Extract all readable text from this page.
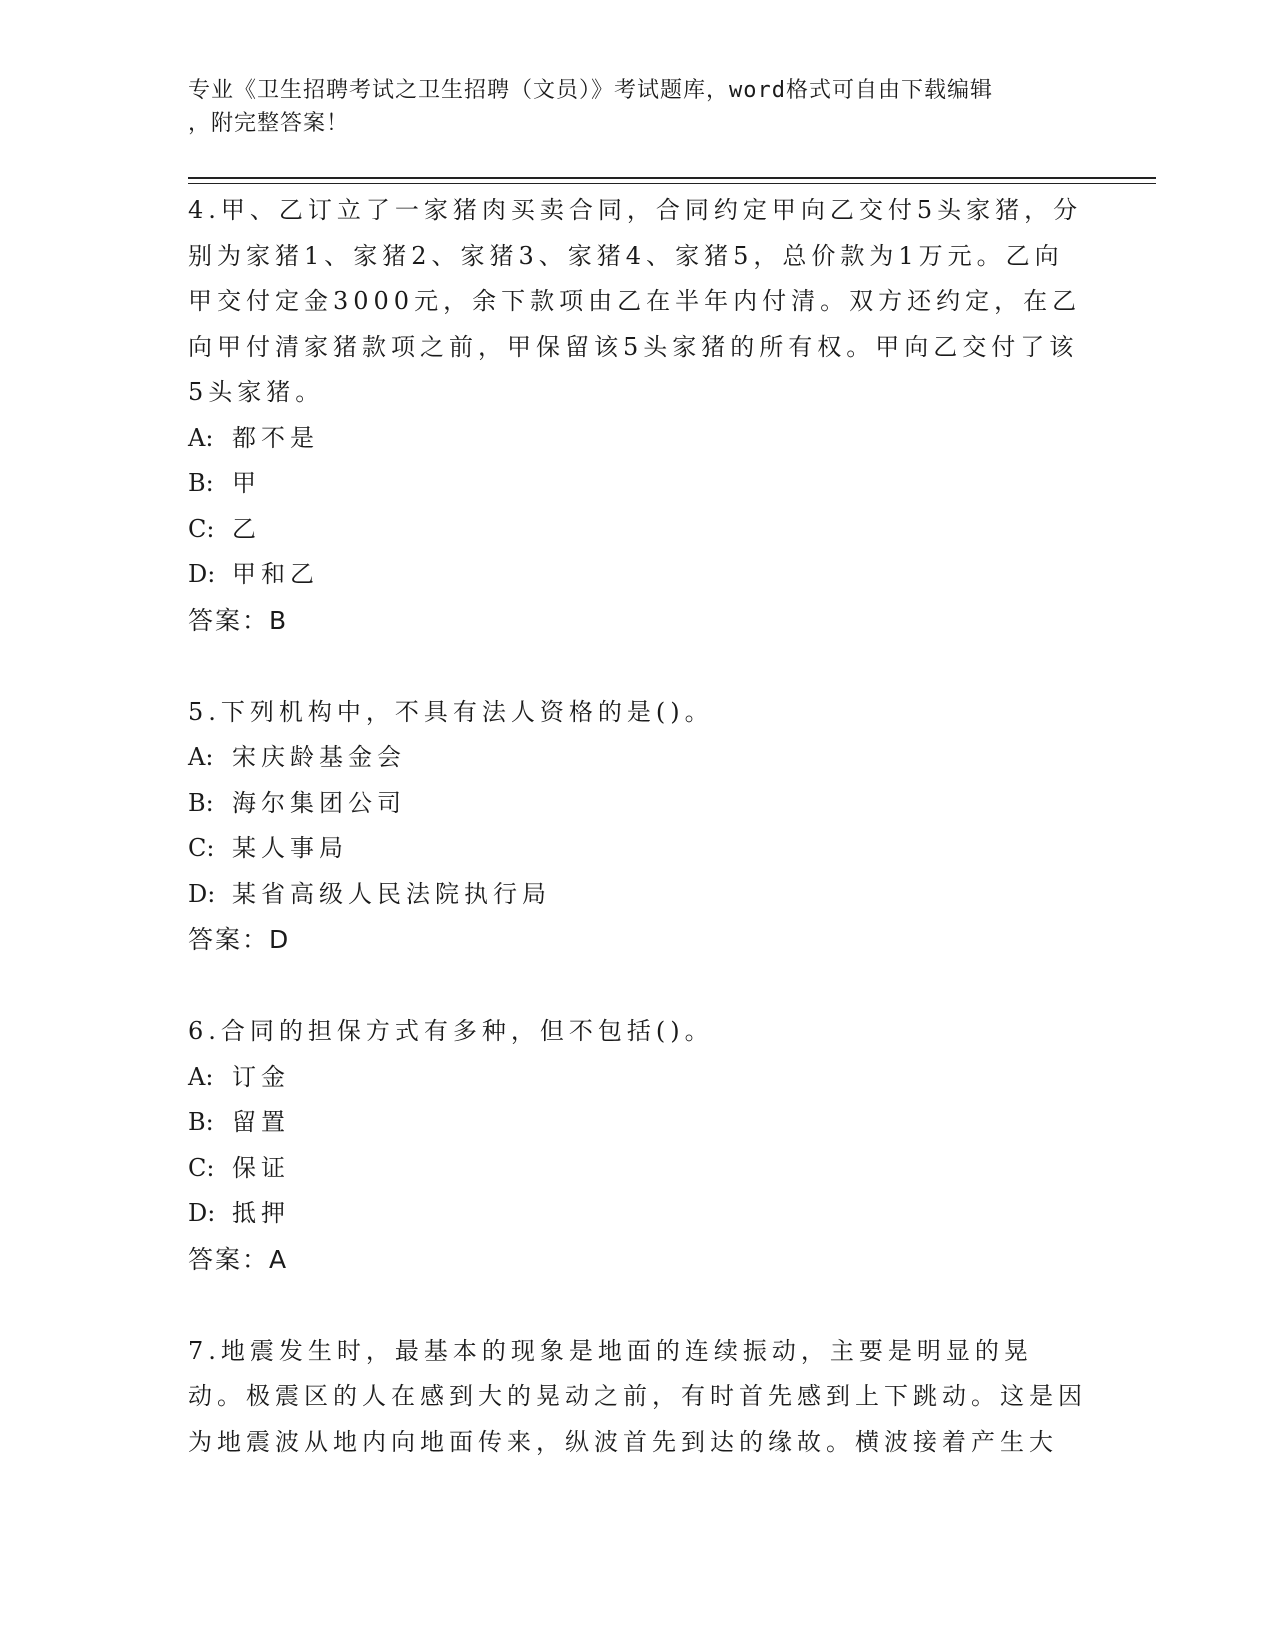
专业《卫生招聘考试之卫生招聘（文员）》考试题库，word格式可自由下载编辑
，附完整答案！

4.甲、乙订立了一家猪肉买卖合同，合同约定甲向乙交付5头家猪，分别为家猪1、家猪2、家猪3、家猪4、家猪5，总价款为1万元。乙向甲交付定金3000元，余下款项由乙在半年内付清。双方还约定，在乙向甲付清家猪款项之前，甲保留该5头家猪的所有权。甲向乙交付了该5头家猪。

A: 都不是

B: 甲

C: 乙

D: 甲和乙

答案：B

5.下列机构中，不具有法人资格的是()。

A: 宋庆龄基金会

B: 海尔集团公司

C: 某人事局

D: 某省高级人民法院执行局

答案：D

6.合同的担保方式有多种，但不包括()。

A: 订金

B: 留置

C: 保证

D: 抵押

答案：A

7.地震发生时，最基本的现象是地面的连续振动，主要是明显的晃动。极震区的人在感到大的晃动之前，有时首先感到上下跳动。这是因为地震波从地内向地面传来，纵波首先到达的缘故。横波接着产生大
